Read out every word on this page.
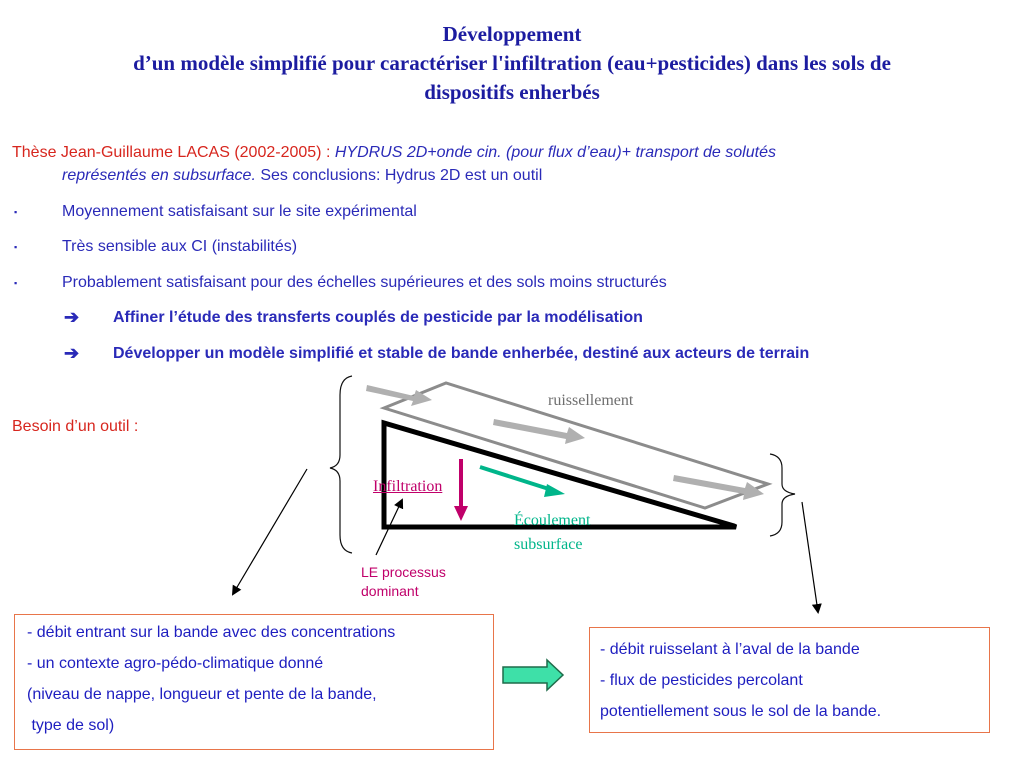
Développement
d’un modèle simplifié pour caractériser l'infiltration (eau+pesticides) dans les sols de
dispositifs enherbés
Thèse Jean-Guillaume LACAS (2002-2005) : HYDRUS 2D+onde cin. (pour flux d’eau)+ transport de solutés
représentés en subsurface. Ses conclusions: Hydrus 2D est un outil
▪	Moyennement satisfaisant sur le site expérimental
▪	Très sensible aux CI (instabilités)
▪	Probablement satisfaisant pour des échelles supérieures et des sols moins structurés
➔ Affiner l’étude des transferts couplés de pesticide par la modélisation
➔ Développer un modèle simplifié et stable de bande enherbée, destiné aux acteurs de terrain
Besoin d’un outil :
ruissellement
Infiltration
Écoulement
subsurface
LE processus
dominant
- débit entrant sur la bande avec des concentrations
- un contexte agro-pédo-climatique donné
(niveau de nappe, longueur et pente de la bande,
type de sol)
- débit ruisselant à l’aval de la bande
- flux de pesticides percolant
potentiellement sous le sol de la bande.
